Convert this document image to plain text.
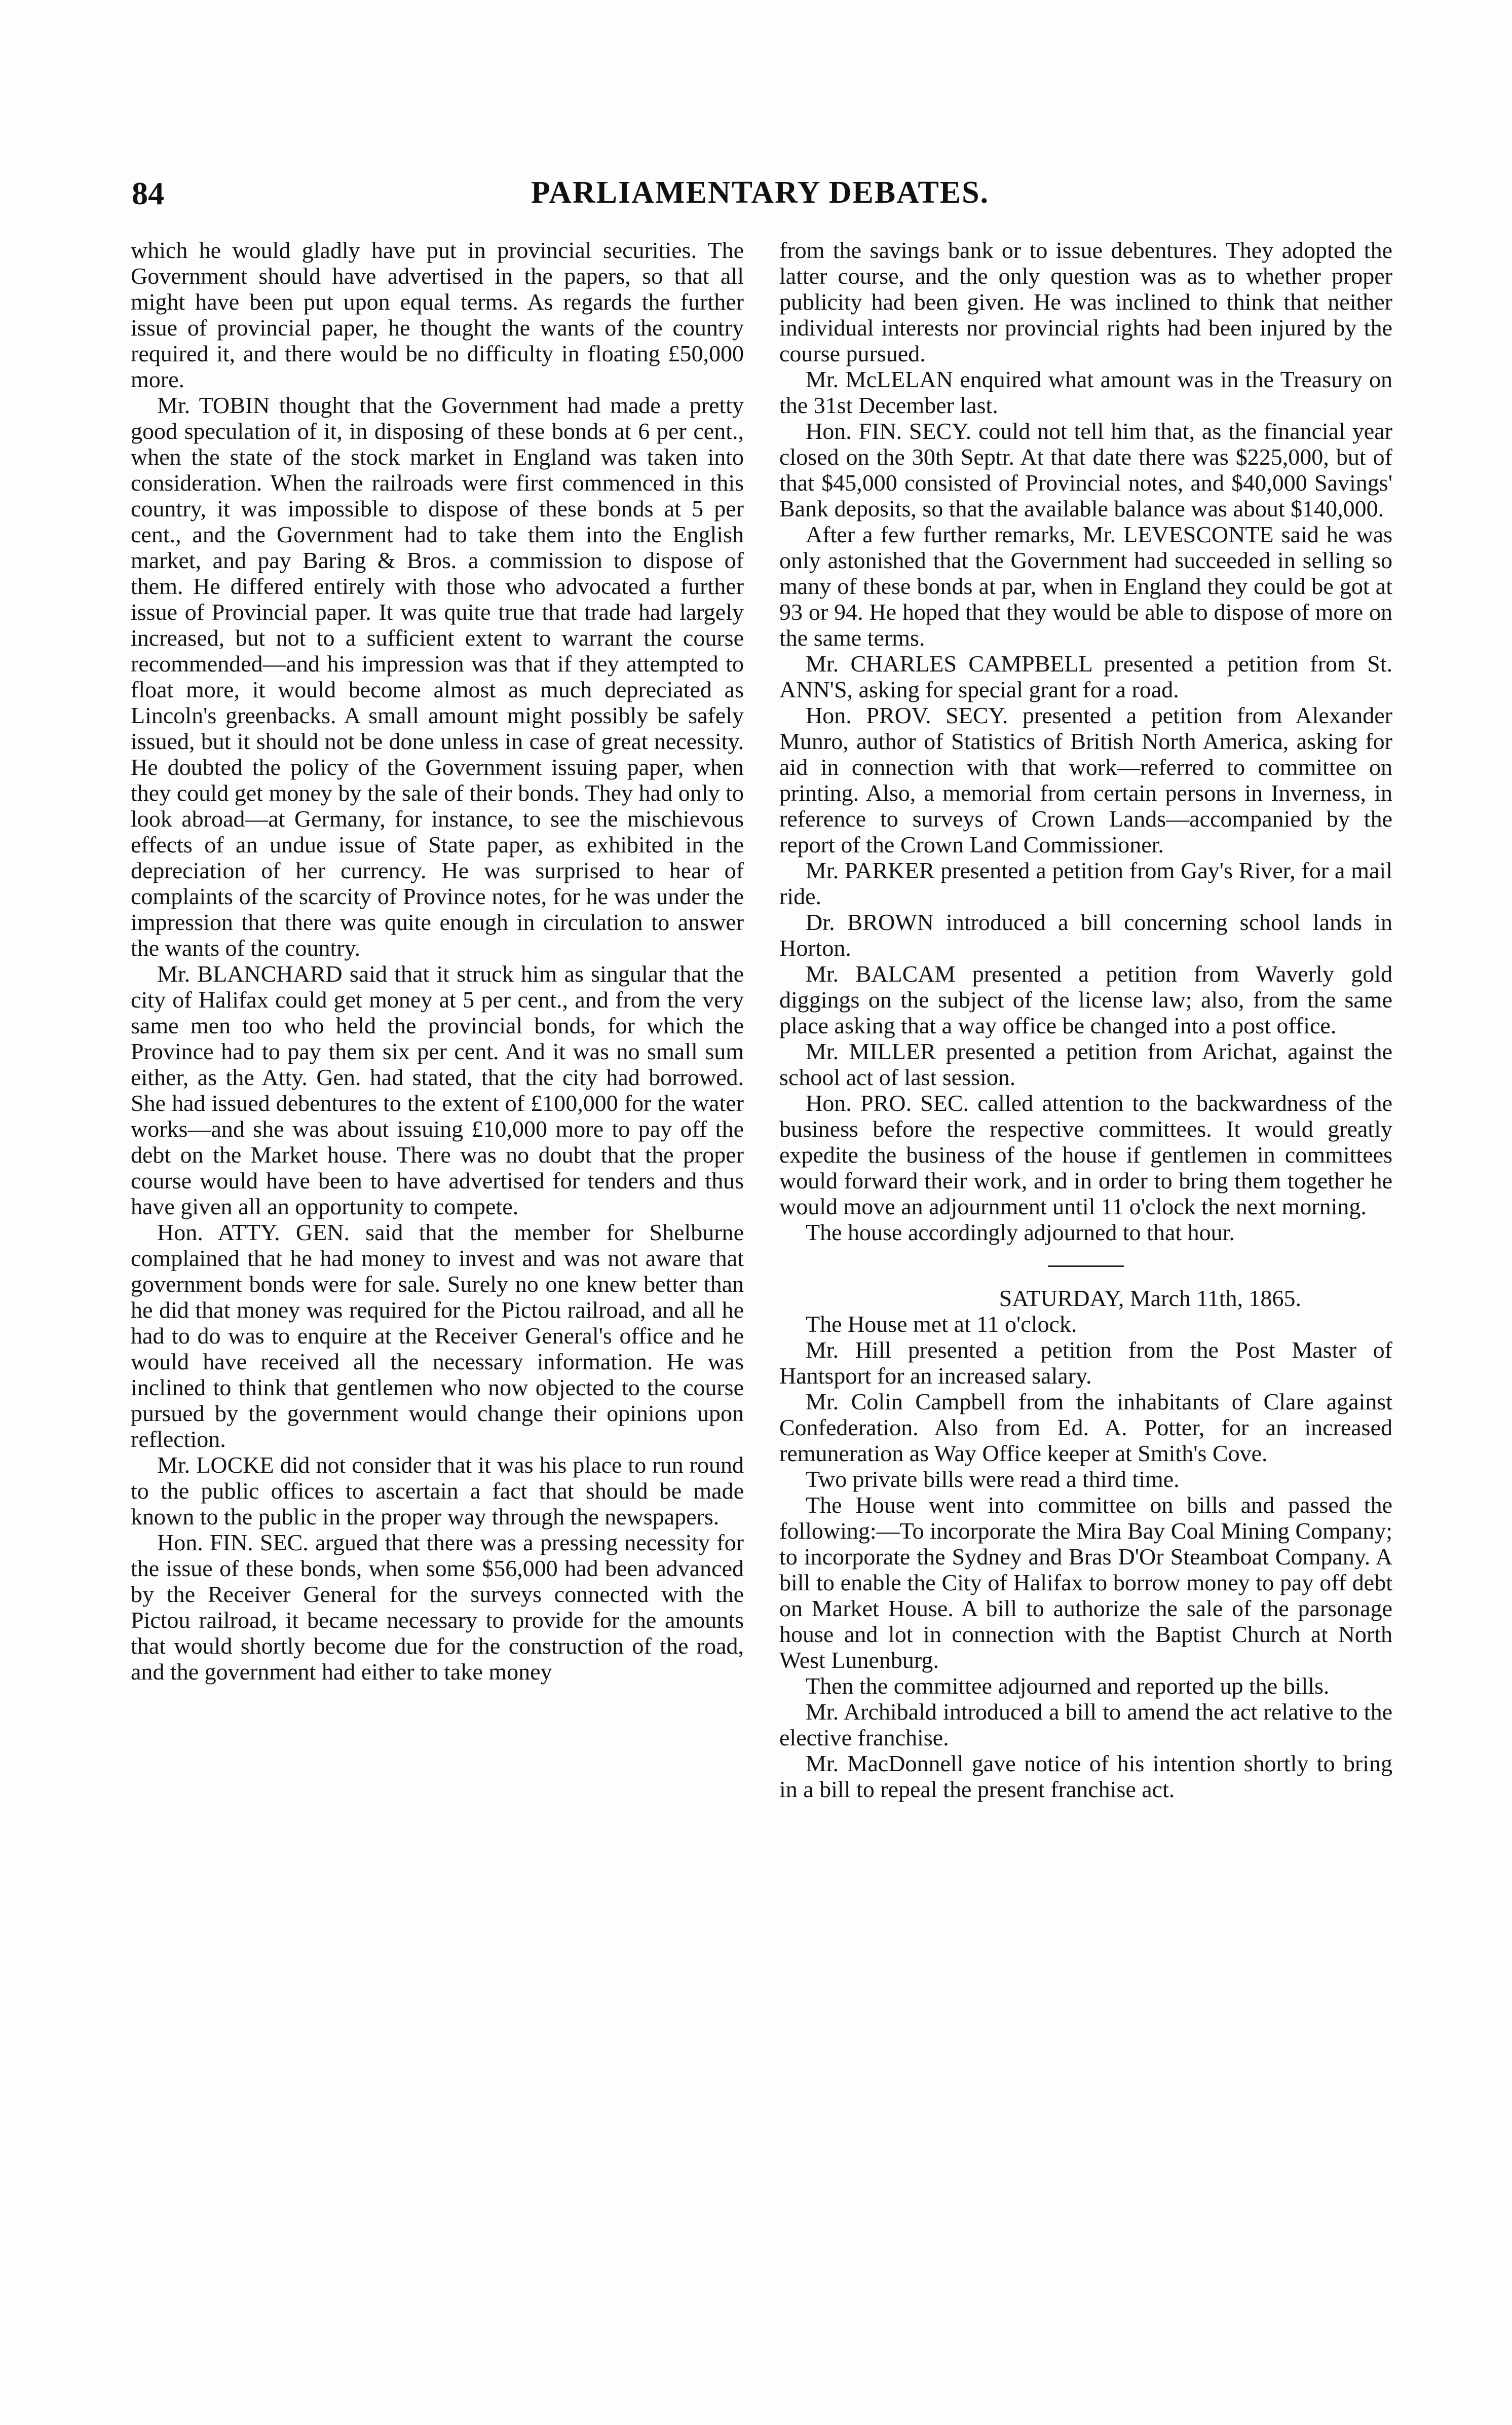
84	PARLIAMENTARY DEBATES.

which he would gladly have put in provincial securities. The Government should have advertised in the papers, so that all might have been put upon equal terms. As regards the further issue of provincial paper, he thought the wants of the country required it, and there would be no difficulty in floating £50,000 more.

Mr. TOBIN thought that the Government had made a pretty good speculation of it, in disposing of these bonds at 6 per cent., when the state of the stock market in England was taken into consideration. When the railroads were first commenced in this country, it was impossible to dispose of these bonds at 5 per cent., and the Government had to take them into the English market, and pay Baring & Bros. a commission to dispose of them. He differed entirely with those who advocated a further issue of Provincial paper. It was quite true that trade had largely increased, but not to a sufficient extent to warrant the course recommended—and his impression was that if they attempted to float more, it would become almost as much depreciated as Lincoln's greenbacks. A small amount might possibly be safely issued, but it should not be done unless in case of great necessity. He doubted the policy of the Government issuing paper, when they could get money by the sale of their bonds. They had only to look abroad—at Germany, for instance, to see the mischievous effects of an undue issue of State paper, as exhibited in the depreciation of her currency. He was surprised to hear of complaints of the scarcity of Province notes, for he was under the impression that there was quite enough in circulation to answer the wants of the country.

Mr. BLANCHARD said that it struck him as singular that the city of Halifax could get money at 5 per cent., and from the very same men too who held the provincial bonds, for which the Province had to pay them six per cent. And it was no small sum either, as the Atty. Gen. had stated, that the city had borrowed. She had issued debentures to the extent of £100,000 for the water works—and she was about issuing £10,000 more to pay off the debt on the Market house. There was no doubt that the proper course would have been to have advertised for tenders and thus have given all an opportunity to compete.

Hon. ATTY. GEN. said that the member for Shelburne complained that he had money to invest and was not aware that government bonds were for sale. Surely no one knew better than he did that money was required for the Pictou railroad, and all he had to do was to enquire at the Receiver General's office and he would have received all the necessary information. He was inclined to think that gentlemen who now objected to the course pursued by the government would change their opinions upon reflection.

Mr. LOCKE did not consider that it was his place to run round to the public offices to ascertain a fact that should be made known to the public in the proper way through the newspapers.

Hon. FIN. SEC. argued that there was a pressing necessity for the issue of these bonds, when some $56,000 had been advanced by the Receiver General for the surveys connected with the Pictou railroad, it became necessary to provide for the amounts that would shortly become due for the construction of the road, and the government had either to take money

from the savings bank or to issue debentures. They adopted the latter course, and the only question was as to whether proper publicity had been given. He was inclined to think that neither individual interests nor provincial rights had been injured by the course pursued.

Mr. McLELAN enquired what amount was in the Treasury on the 31st December last.

Hon. FIN. SECY. could not tell him that, as the financial year closed on the 30th Septr. At that date there was $225,000, but of that $45,000 consisted of Provincial notes, and $40,000 Savings' Bank deposits, so that the available balance was about $140,000.

After a few further remarks, Mr. LEVESCONTE said he was only astonished that the Government had succeeded in selling so many of these bonds at par, when in England they could be got at 93 or 94. He hoped that they would be able to dispose of more on the same terms.

Mr. CHARLES CAMPBELL presented a petition from St. ANN'S, asking for special grant for a road.

Hon. PROV. SECY. presented a petition from Alexander Munro, author of Statistics of British North America, asking for aid in connection with that work—referred to committee on printing. Also, a memorial from certain persons in Inverness, in reference to surveys of Crown Lands—accompanied by the report of the Crown Land Commissioner.

Mr. PARKER presented a petition from Gay's River, for a mail ride.

Dr. BROWN introduced a bill concerning school lands in Horton.

Mr. BALCAM presented a petition from Waverly gold diggings on the subject of the license law; also, from the same place asking that a way office be changed into a post office.

Mr. MILLER presented a petition from Arichat, against the school act of last session.

Hon. PRO. SEC. called attention to the backwardness of the business before the respective committees. It would greatly expedite the business of the house if gentlemen in committees would forward their work, and in order to bring them together he would move an adjournment until 11 o'clock the next morning.

The house accordingly adjourned to that hour.

SATURDAY, March 11th, 1865.

The House met at 11 o'clock.

Mr. Hill presented a petition from the Post Master of Hantsport for an increased salary.

Mr. Colin Campbell from the inhabitants of Clare against Confederation. Also from Ed. A. Potter, for an increased remuneration as Way Office keeper at Smith's Cove.

Two private bills were read a third time.

The House went into committee on bills and passed the following:—To incorporate the Mira Bay Coal Mining Company; to incorporate the Sydney and Bras D'Or Steamboat Company. A bill to enable the City of Halifax to borrow money to pay off debt on Market House. A bill to authorize the sale of the parsonage house and lot in connection with the Baptist Church at North West Lunenburg.

Then the committee adjourned and reported up the bills.

Mr. Archibald introduced a bill to amend the act relative to the elective franchise.

Mr. MacDonnell gave notice of his intention shortly to bring in a bill to repeal the present franchise act.
